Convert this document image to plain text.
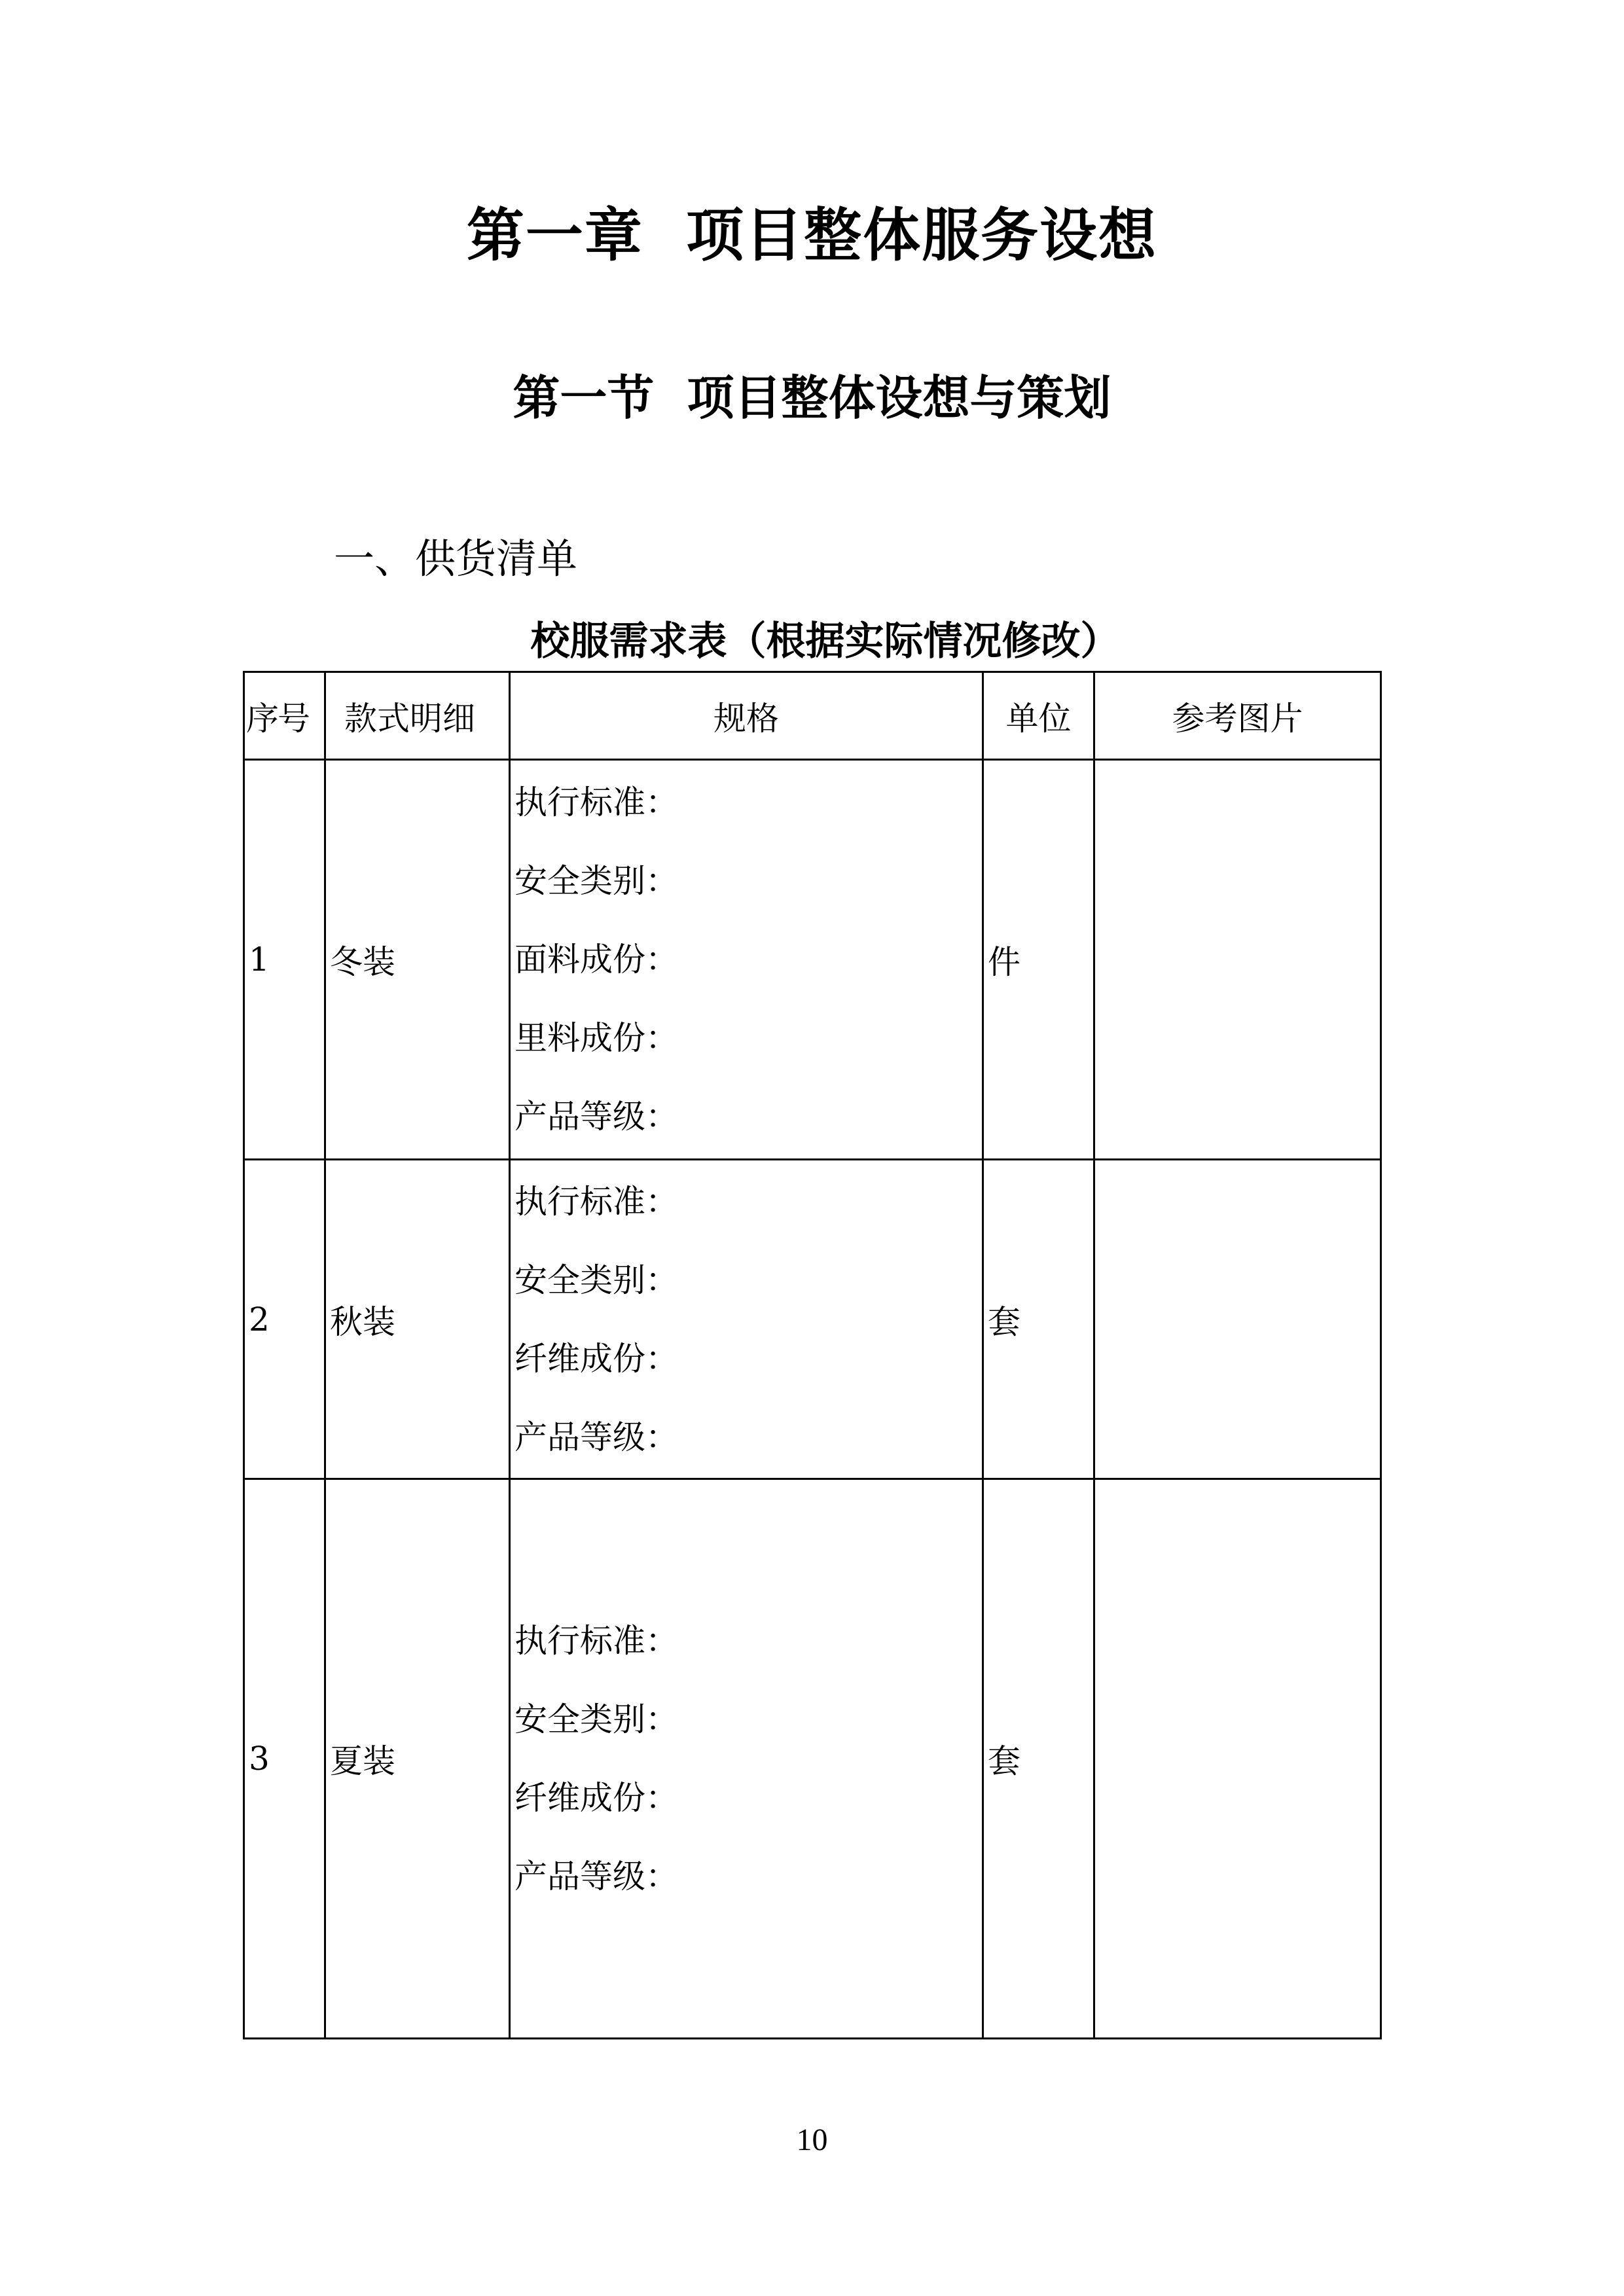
第一章  项目整体服务设想
第一节  项目整体设想与策划
一、供货清单
校服需求表（根据实际情况修改）
序号	款式明细	规格	单位	参考图片
1	冬装	执行标准：
安全类别：
面料成份：
里料成份：
产品等级：	件	
2	秋装	执行标准：
安全类别：
纤维成份：
产品等级：	套	
3	夏装	执行标准：
安全类别：
纤维成份：
产品等级：	套	
10
